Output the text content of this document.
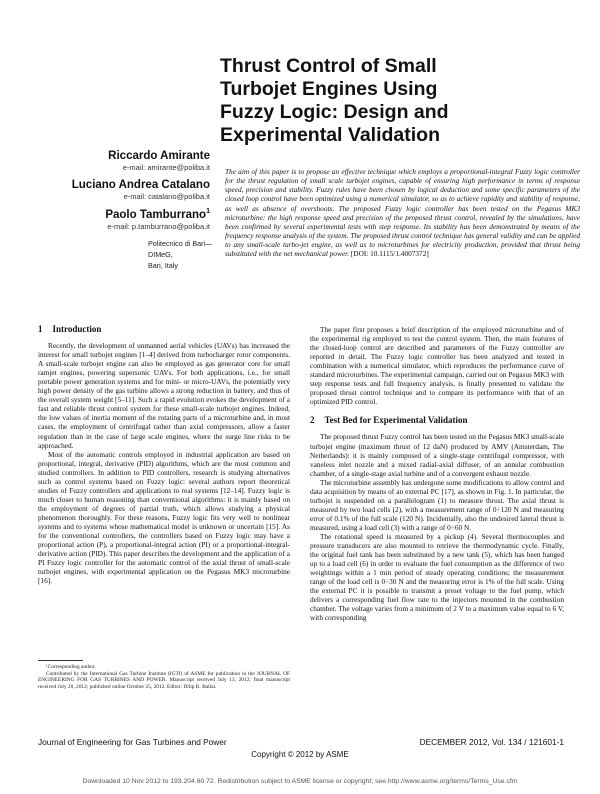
Thrust Control of Small
Turbojet Engines Using
Fuzzy Logic: Design and
Experimental Validation
Riccardo Amirante
e-mail: amirante@poliba.it
Luciano Andrea Catalano
e-mail: catalano@poliba.it
Paolo Tamburrano$^1$
e-mail: p.tamburrano@poliba.it
Politecnico di Bari—DIMeG,
Bari, Italy
The aim of this paper is to propose an effective technique which employs a proportional-integral Fuzzy logic controller for the thrust regulation of small scale turbojet engines, capable of ensuring high performance in terms of response speed, precision and stability. Fuzzy rules have been chosen by logical deduction and some specific parameters of the closed loop control have been optimized using a numerical simulator, so as to achieve rapidity and stability of response, as well as absence of overshoots. The proposed Fuzzy logic controller has been tested on the Pegasus MK3 microturbine: the high response speed and precision of the proposed thrust control, revealed by the simulations, have been confirmed by several experimental tests with step response. Its stability has been demonstrated by means of the frequency response analysis of the system. The proposed thrust control technique has general validity and can be applied to any small-scale turbo-jet engine, as well as to microturbines for electricity production, provided that thrust being substituted with the net mechanical power. [DOI: 10.1115/1.4007372]
1 Introduction

Recently, the development of unmanned aerial vehicles (UAVs) has increased the interest for small turbojet engines [1–4] derived from turbocharger rotor components. A small-scale turbojet engine can also be employed as gas generator core for small ramjet engines, powering supersonic UAVs. For both applications, i.e., for small portable power generation systems and for mini- or micro-UAVs, the potentially very high power density of the gas turbine allows a strong reduction in battery, and thus of the overall system weight [5–11]. Such a rapid evolution evokes the development of a fast and reliable thrust control system for these small-scale turbojet engines. Indeed, the low values of inertia moment of the rotating parts of a microturbine and, in most cases, the employment of centrifugal rather than axial compressors, allow a faster regulation than in the case of large scale engines, where the surge line risks to be approached.

Most of the automatic controls employed in industrial application are based on proportional, integral, derivative (PID) algorithms, which are the most common and studied controllers. In addition to PID controllers, research is studying alternatives such as control systems based on Fuzzy logic: several authors report theoretical studies of Fuzzy controllers and applications to real systems [12–14]. Fuzzy logic is much closer to human reasoning than conventional algorithms: it is mainly based on the employment of degrees of partial truth, which allows studying a physical phenomenon thoroughly. For these reasons, Fuzzy logic fits very well to nonlinear systems and to systems whose mathematical model is unknown or uncertain [15]. As for the conventional controllers, the controllers based on Fuzzy logic may have a proportional action (P), a proportional-integral action (PI) or a proportional-integral-derivative action (PID). This paper describes the development and the application of a PI Fuzzy logic controller for the automatic control of the axial thrust of small-scale turbojet engines, with experimental application on the Pegasus MK3 microturbine [16].

The paper first proposes a brief description of the employed microturbine and of the experimental rig employed to test the control system. Then, the main features of the closed-loop control are described and parameters of the Fuzzy controller are reported in detail. The Fuzzy logic controller has been analyzed and tested in combination with a numerical simulator, which reproduces the performance curve of standard microturbines. The experimental campaign, carried out on Pegasus MK3 with step response tests and full frequency analysis, is finally presented to validate the proposed thrust control technique and to compare its performance with that of an optimized PID control.

2 Test Bed for Experimental Validation

The proposed thrust Fuzzy control has been tested on the Pegasus MK3 small-scale turbojet engine (maximum thrust of 12 daN) produced by AMV (Amsterdam, The Netherlands): it is mainly composed of a single-stage centrifugal compressor, with vaneless inlet nozzle and a mixed radial-axial diffuser, of an annular combustion chamber, of a single-stage axial turbine and of a convergent exhaust nozzle.

The microturbine assembly has undergone some modifications to allow control and data acquisition by means of an external PC [17], as shown in Fig. 1. In particular, the turbojet is suspended on a parallelogram (1) to measure thrust. The axial thrust is measured by two load cells (2), with a measurement range of 0÷120 N and measuring error of 0.1% of the full scale (120 N). Incidentally, also the undesired lateral thrust is measured, using a load cell (3) with a range of 0÷60 N.

The rotational speed is measured by a pickup (4). Several thermocouples and pressure transducers are also mounted to retrieve the thermodynamic cycle. Finally, the original fuel tank has been substituted by a new tank (5), which has been hanged up to a load cell (6) in order to evaluate the fuel consumption as the difference of two weightings within a 1 min period of steady operating conditions; the measurement range of the load cell is 0÷30 N and the measuring error is 1% of the full scale. Using the external PC it is possible to transmit a preset voltage to the fuel pump, which delivers a corresponding fuel flow rate to the injectors mounted in the combustion chamber. The voltage varies from a minimum of 2 V to a maximum value equal to 6 V, with corresponding

¹Corresponding author.

Contributed by the International Gas Turbine Institute (IGTI) of ASME for publication in the JOURNAL OF ENGINEERING FOR GAS TURBINES AND POWER. Manuscript received July 13, 2012; final manuscript received July 20, 2012; published online October 25, 2012. Editor: Dilip R. Ballal.

Journal of Engineering for Gas Turbines and Power	DECEMBER 2012, Vol. 134 / 121601-1
Copyright © 2012 by ASME
Downloaded 10 Nov 2012 to 193.204.60.72. Redistribution subject to ASME license or copyright; see http://www.asme.org/terms/Terms_Use.cfm
